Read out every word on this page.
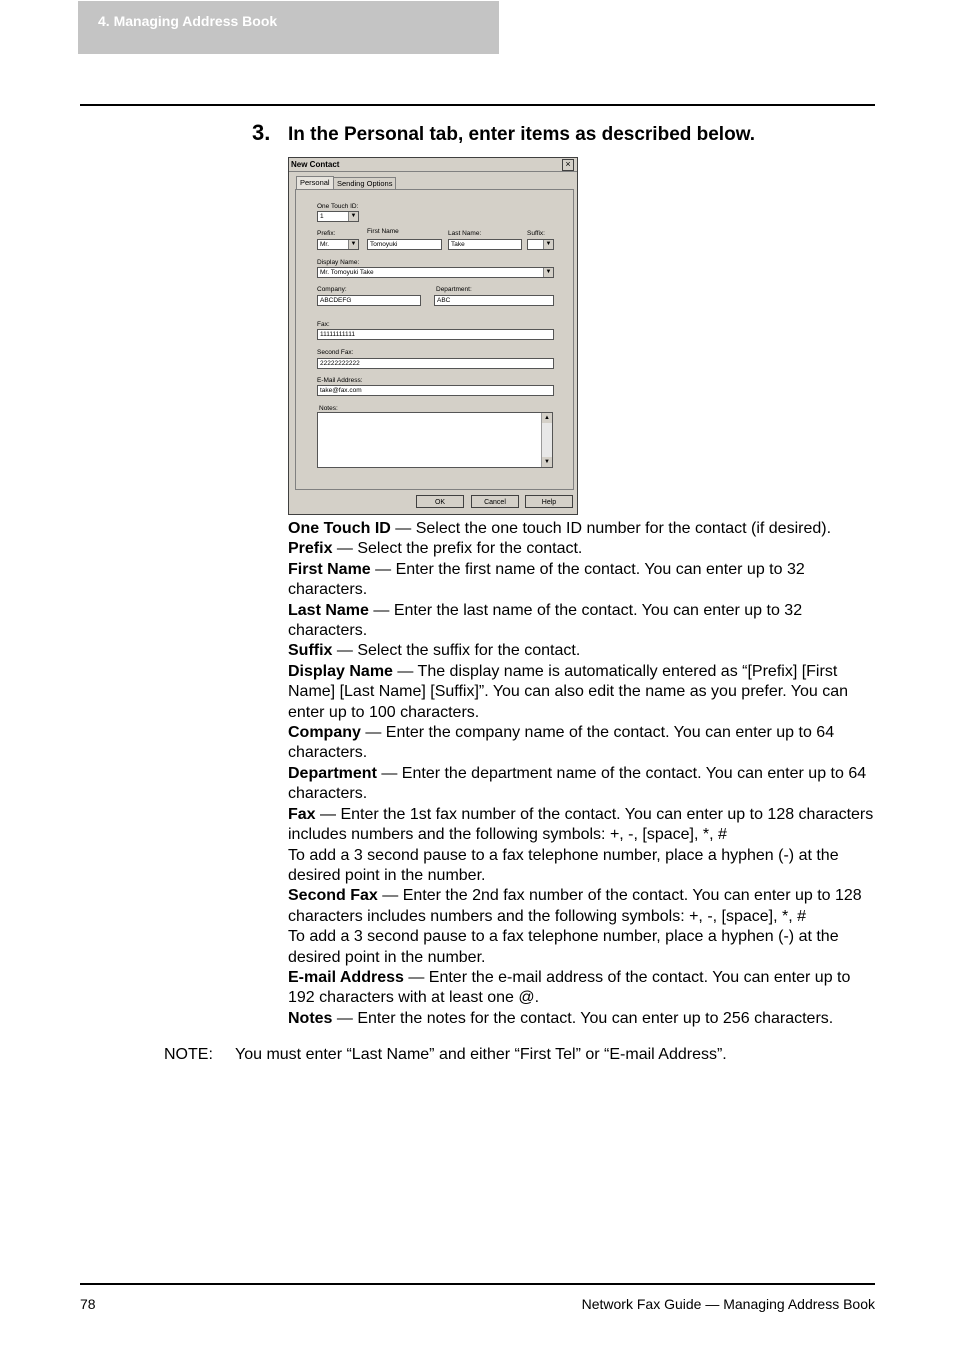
4. Managing Address Book
3. In the Personal tab, enter items as described below.
New Contact	×
Personal Sending Options
One Touch ID:
1	▼
Prefix:	First Name	Last Name:	Suffix:
Mr.	▼	Tomoyuki	Take	▼
Display Name:
Mr. Tomoyuki Take	▼
Company:	Department:
ABCDEFG	ABC
Fax:
11111111111
Second Fax:
22222222222
E-Mail Address:
take@fax.com
Notes:
▲
▼
OK	Cancel	Help

One Touch ID — Select the one touch ID number for the contact (if desired).

Prefix — Select the prefix for the contact.

First Name — Enter the first name of the contact. You can enter up to 32 characters.

Last Name — Enter the last name of the contact. You can enter up to 32 characters.

Suffix — Select the suffix for the contact.

Display Name — The display name is automatically entered as “[Prefix] [First Name] [Last Name] [Suffix]”. You can also edit the name as you prefer. You can enter up to 100 characters.

Company — Enter the company name of the contact. You can enter up to 64 characters.

Department — Enter the department name of the contact. You can enter up to 64 characters.

Fax — Enter the 1st fax number of the contact. You can enter up to 128 characters includes numbers and the following symbols: +, -, [space], *, #

To add a 3 second pause to a fax telephone number, place a hyphen (-) at the desired point in the number.

Second Fax — Enter the 2nd fax number of the contact. You can enter up to 128 characters includes numbers and the following symbols: +, -, [space], *, #

To add a 3 second pause to a fax telephone number, place a hyphen (-) at the desired point in the number.

E-mail Address — Enter the e-mail address of the contact. You can enter up to 192 characters with at least one @.

Notes — Enter the notes for the contact. You can enter up to 256 characters.

NOTE: You must enter “Last Name” and either “First Tel” or “E-mail Address”.
78	Network Fax Guide — Managing Address Book
